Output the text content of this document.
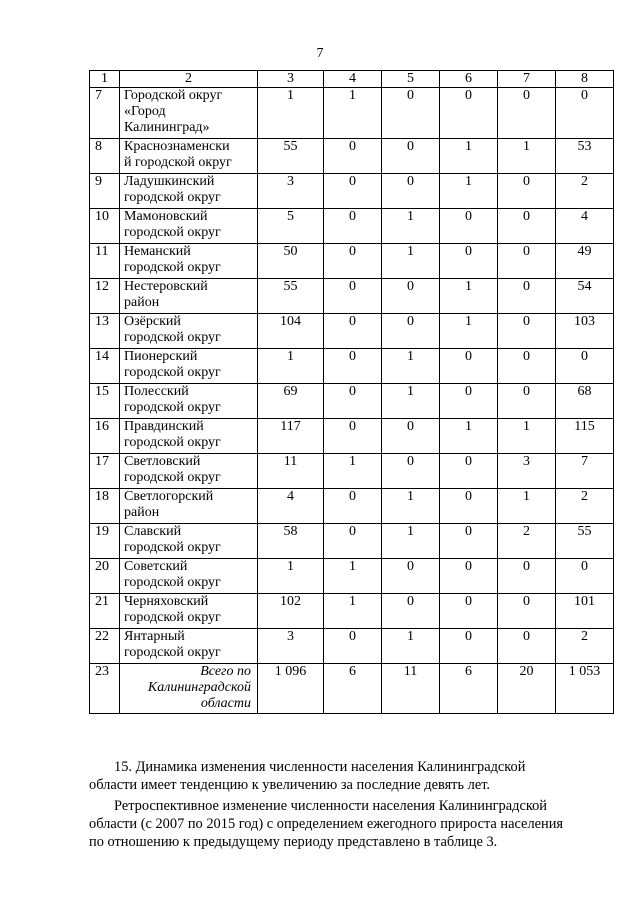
7
1	2	3	4	5	6	7	8
7	Городской округ
«Город
Калининград»	1	1	0	0	0	0
8	Краснознаменски
й городской округ	55	0	0	1	1	53
9	Ладушкинский
городской округ	3	0	0	1	0	2
10	Мамоновский
городской округ	5	0	1	0	0	4
11	Неманский
городской округ	50	0	1	0	0	49
12	Нестеровский
район	55	0	0	1	0	54
13	Озёрский
городской округ	104	0	0	1	0	103
14	Пионерский
городской округ	1	0	1	0	0	0
15	Полесский
городской округ	69	0	1	0	0	68
16	Правдинский
городской округ	117	0	0	1	1	115
17	Светловский
городской округ	11	1	0	0	3	7
18	Светлогорский
район	4	0	1	0	1	2
19	Славский
городской округ	58	0	1	0	2	55
20	Советский
городской округ	1	1	0	0	0	0
21	Черняховский
городской округ	102	1	0	0	0	101
22	Янтарный
городской округ	3	0	1	0	0	2
23	Всего по
Калининградской
области	1 096	6	11	6	20	1 053
15. Динамика изменения численности населения Калининградской
области имеет тенденцию к увеличению за последние девять лет.
Ретроспективное изменение численности населения Калининградской
области (с 2007 по 2015 год) с определением ежегодного прироста населения
по отношению к предыдущему периоду представлено в таблице 3.
